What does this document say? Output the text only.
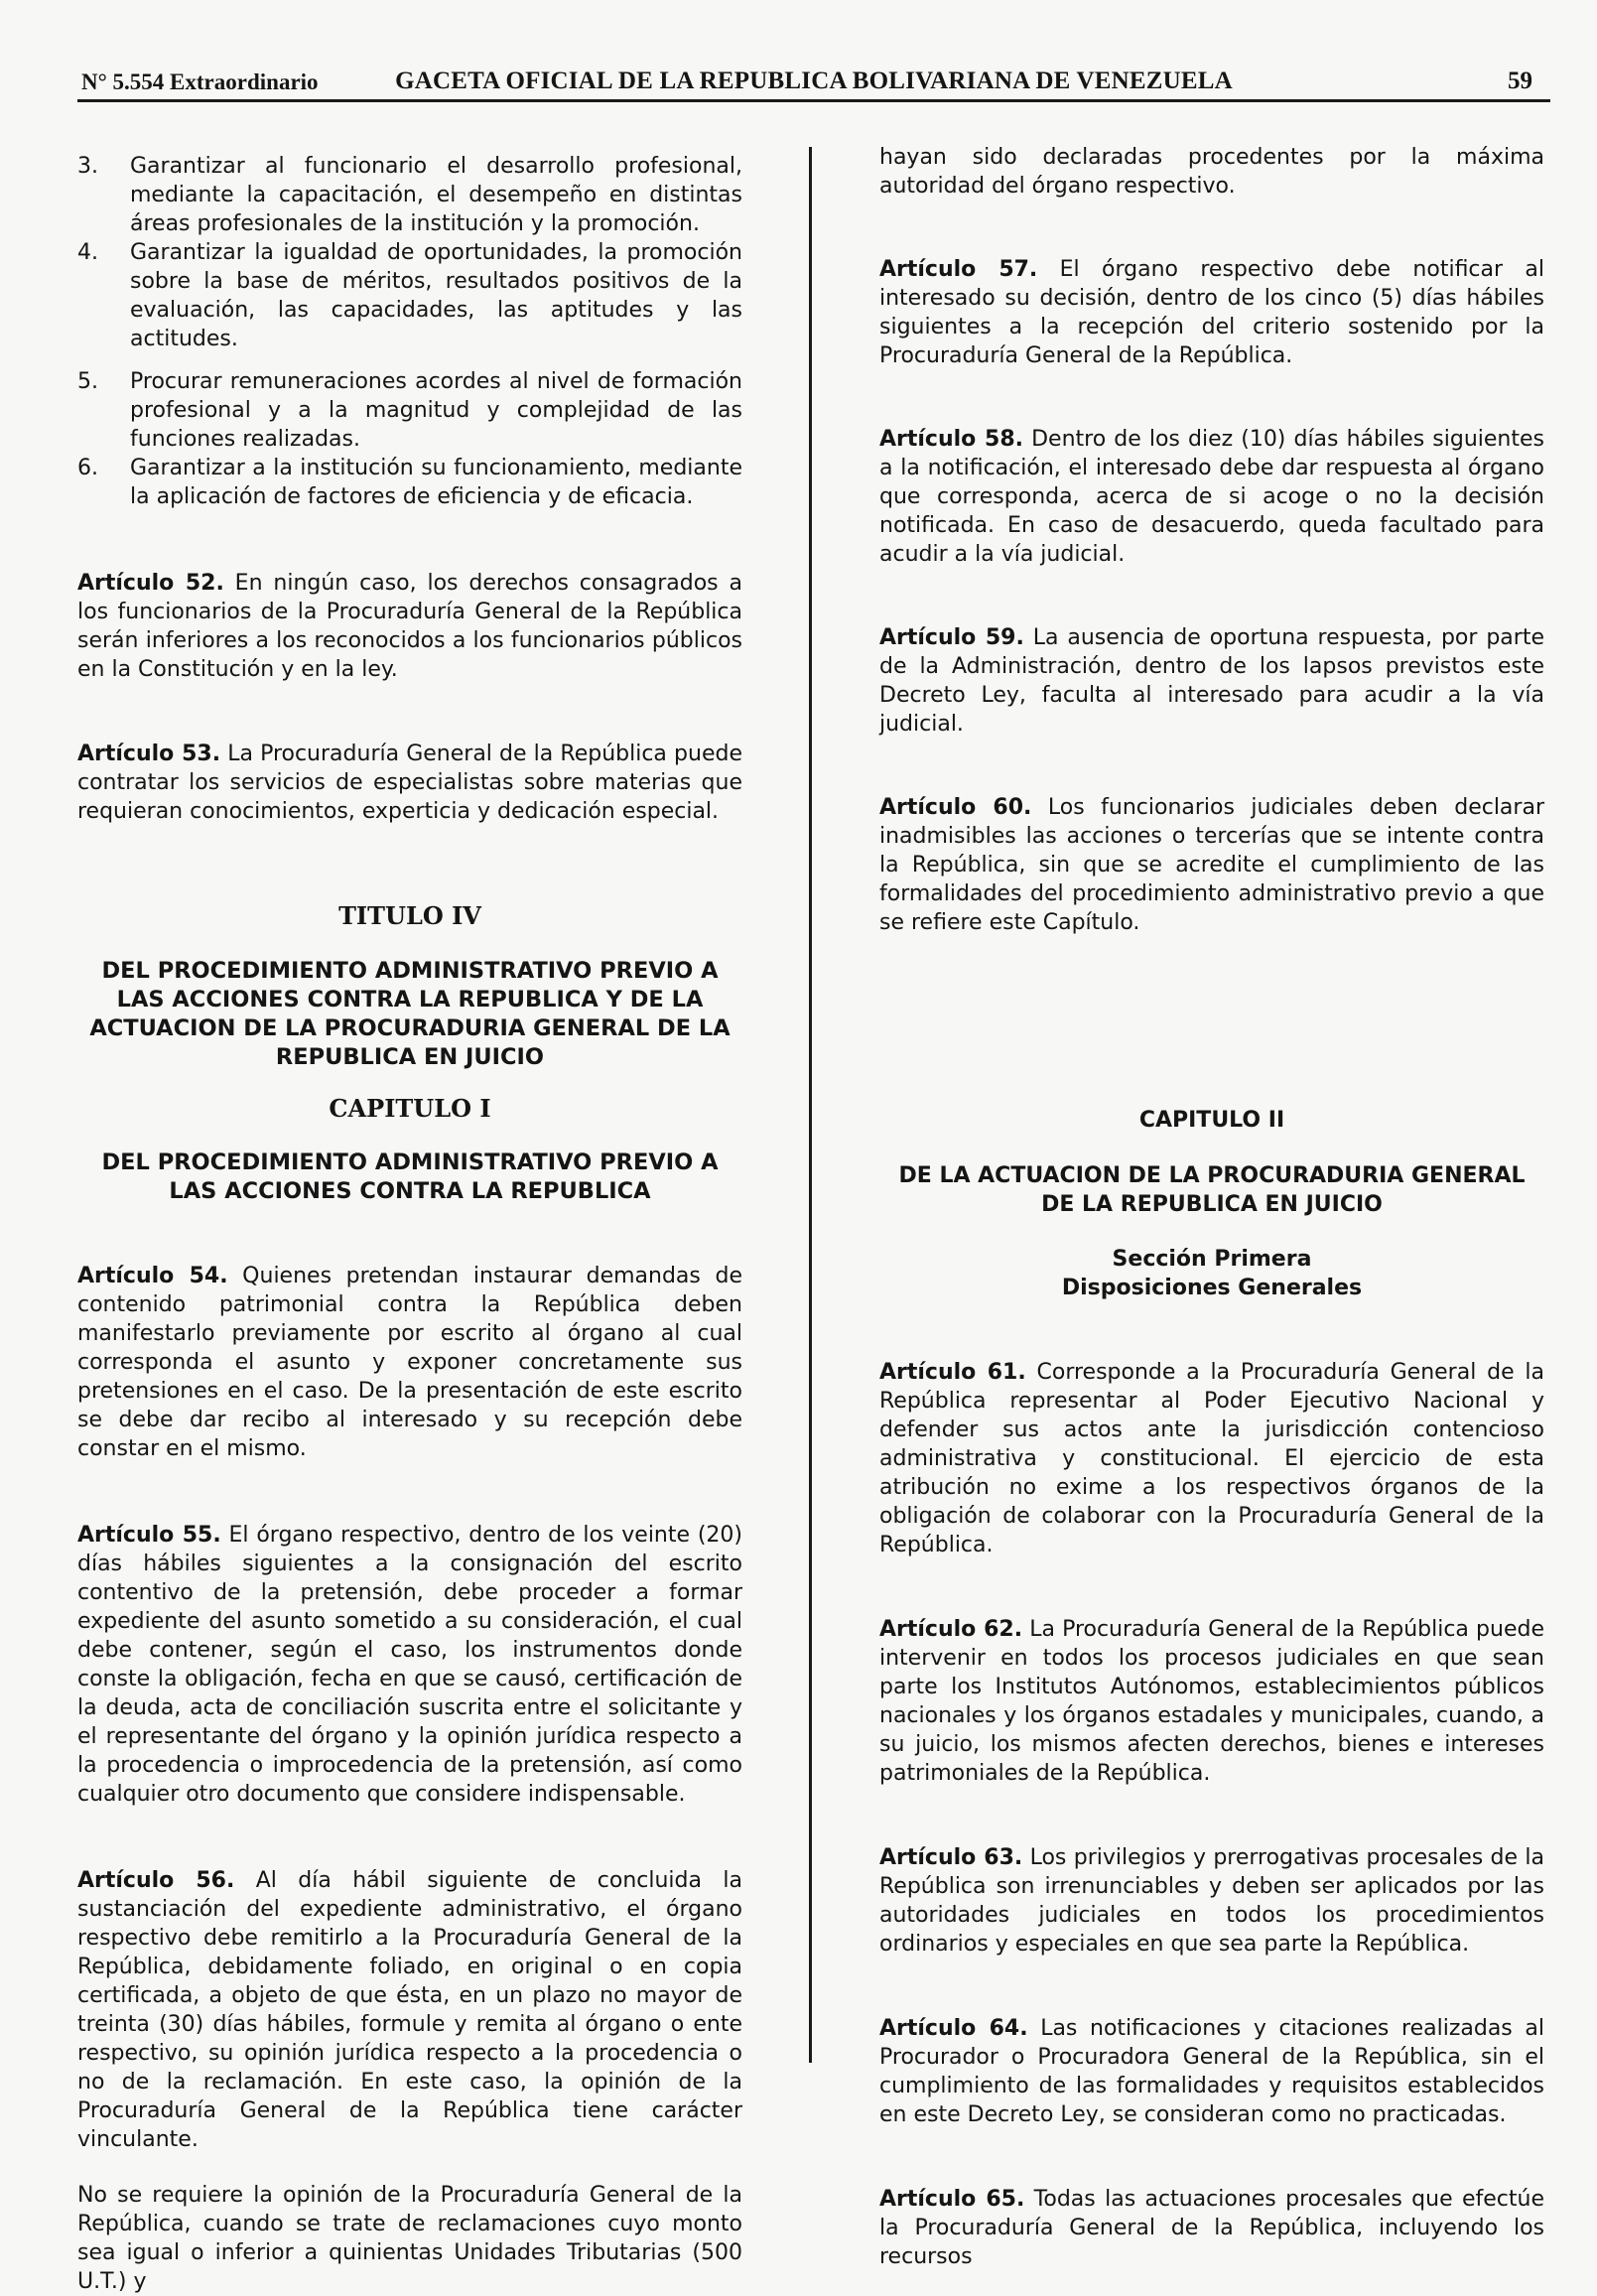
N° 5.554 Extraordinario	GACETA OFICIAL DE LA REPUBLICA BOLIVARIANA DE VENEZUELA	59
3.	Garantizar al funcionario el desarrollo profesional, mediante la capacitación, el desempeño en distintas áreas profesionales de la institución y la promoción.
4.	Garantizar la igualdad de oportunidades, la promoción sobre la base de méritos, resultados positivos de la evaluación, las capacidades, las aptitudes y las actitudes.
5.	Procurar remuneraciones acordes al nivel de formación profesional y a la magnitud y complejidad de las funciones realizadas.
6.	Garantizar a la institución su funcionamiento, mediante la aplicación de factores de eficiencia y de eficacia.

Artículo 52. En ningún caso, los derechos consagrados a los funcionarios de la Procuraduría General de la República serán inferiores a los reconocidos a los funcionarios públicos en la Constitución y en la ley.

Artículo 53. La Procuraduría General de la República puede contratar los servicios de especialistas sobre materias que requieran conocimientos, experticia y dedicación especial.

TITULO IV

DEL PROCEDIMIENTO ADMINISTRATIVO PREVIO A LAS ACCIONES CONTRA LA REPUBLICA Y DE LA ACTUACION DE LA PROCURADURIA GENERAL DE LA REPUBLICA EN JUICIO

CAPITULO I

DEL PROCEDIMIENTO ADMINISTRATIVO PREVIO A LAS ACCIONES CONTRA LA REPUBLICA

Artículo 54. Quienes pretendan instaurar demandas de contenido patrimonial contra la República deben manifestarlo previamente por escrito al órgano al cual corresponda el asunto y exponer concretamente sus pretensiones en el caso. De la presentación de este escrito se debe dar recibo al interesado y su recepción debe constar en el mismo.

Artículo 55. El órgano respectivo, dentro de los veinte (20) días hábiles siguientes a la consignación del escrito contentivo de la pretensión, debe proceder a formar expediente del asunto sometido a su consideración, el cual debe contener, según el caso, los instrumentos donde conste la obligación, fecha en que se causó, certificación de la deuda, acta de conciliación suscrita entre el solicitante y el representante del órgano y la opinión jurídica respecto a la procedencia o improcedencia de la pretensión, así como cualquier otro documento que considere indispensable.

Artículo 56. Al día hábil siguiente de concluida la sustanciación del expediente administrativo, el órgano respectivo debe remitirlo a la Procuraduría General de la República, debidamente foliado, en original o en copia certificada, a objeto de que ésta, en un plazo no mayor de treinta (30) días hábiles, formule y remita al órgano o ente respectivo, su opinión jurídica respecto a la procedencia o no de la reclamación. En este caso, la opinión de la Procuraduría General de la República tiene carácter vinculante.

No se requiere la opinión de la Procuraduría General de la República, cuando se trate de reclamaciones cuyo monto sea igual o inferior a quinientas Unidades Tributarias (500 U.T.) y

hayan sido declaradas procedentes por la máxima autoridad del órgano respectivo.

Artículo 57. El órgano respectivo debe notificar al interesado su decisión, dentro de los cinco (5) días hábiles siguientes a la recepción del criterio sostenido por la Procuraduría General de la República.

Artículo 58. Dentro de los diez (10) días hábiles siguientes a la notificación, el interesado debe dar respuesta al órgano que corresponda, acerca de si acoge o no la decisión notificada. En caso de desacuerdo, queda facultado para acudir a la vía judicial.

Artículo 59. La ausencia de oportuna respuesta, por parte de la Administración, dentro de los lapsos previstos este Decreto Ley, faculta al interesado para acudir a la vía judicial.

Artículo 60. Los funcionarios judiciales deben declarar inadmisibles las acciones o tercerías que se intente contra la República, sin que se acredite el cumplimiento de las formalidades del procedimiento administrativo previo a que se refiere este Capítulo.

CAPITULO II

DE LA ACTUACION DE LA PROCURADURIA GENERAL DE LA REPUBLICA EN JUICIO

Sección Primera

Disposiciones Generales

Artículo 61. Corresponde a la Procuraduría General de la República representar al Poder Ejecutivo Nacional y defender sus actos ante la jurisdicción contencioso administrativa y constitucional. El ejercicio de esta atribución no exime a los respectivos órganos de la obligación de colaborar con la Procuraduría General de la República.

Artículo 62. La Procuraduría General de la República puede intervenir en todos los procesos judiciales en que sean parte los Institutos Autónomos, establecimientos públicos nacionales y los órganos estadales y municipales, cuando, a su juicio, los mismos afecten derechos, bienes e intereses patrimoniales de la República.

Artículo 63. Los privilegios y prerrogativas procesales de la República son irrenunciables y deben ser aplicados por las autoridades judiciales en todos los procedimientos ordinarios y especiales en que sea parte la República.

Artículo 64. Las notificaciones y citaciones realizadas al Procurador o Procuradora General de la República, sin el cumplimiento de las formalidades y requisitos establecidos en este Decreto Ley, se consideran como no practicadas.

Artículo 65. Todas las actuaciones procesales que efectúe la Procuraduría General de la República, incluyendo los recursos
